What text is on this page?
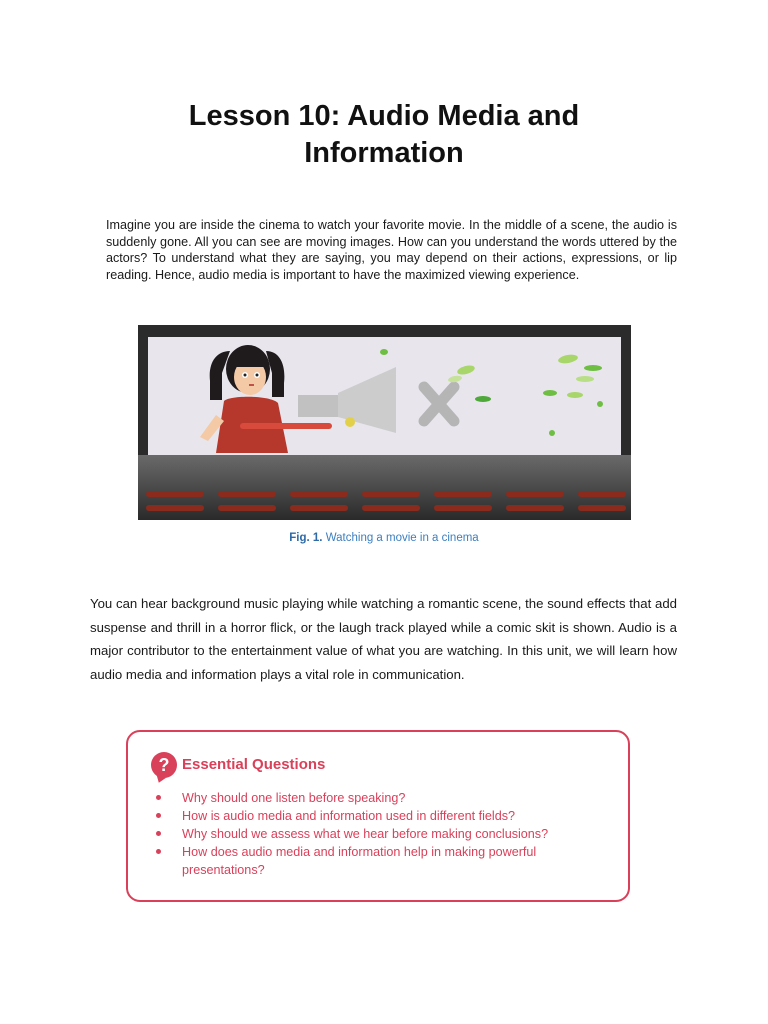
Lesson 10: Audio Media and
Information

Imagine you are inside the cinema to watch your favorite movie. In the middle of a scene, the audio is suddenly gone. All you can see are moving images. How can you understand the words uttered by the actors? To understand what they are saying, you may depend on their actions, expressions, or lip reading. Hence, audio media is important to have the maximized viewing experience.

Fig. 1. Watching a movie in a cinema

You can hear background music playing while watching a romantic scene, the sound effects that add suspense and thrill in a horror flick, or the laugh track played while a comic skit is shown. Audio is a major contributor to the entertainment value of what you are watching. In this unit, we will learn how audio media and information plays a vital role in communication.

? Essential Questions
Why should one listen before speaking?
How is audio media and information used in different fields?
Why should we assess what we hear before making conclusions?
How does audio media and information help in making powerful presentations?
